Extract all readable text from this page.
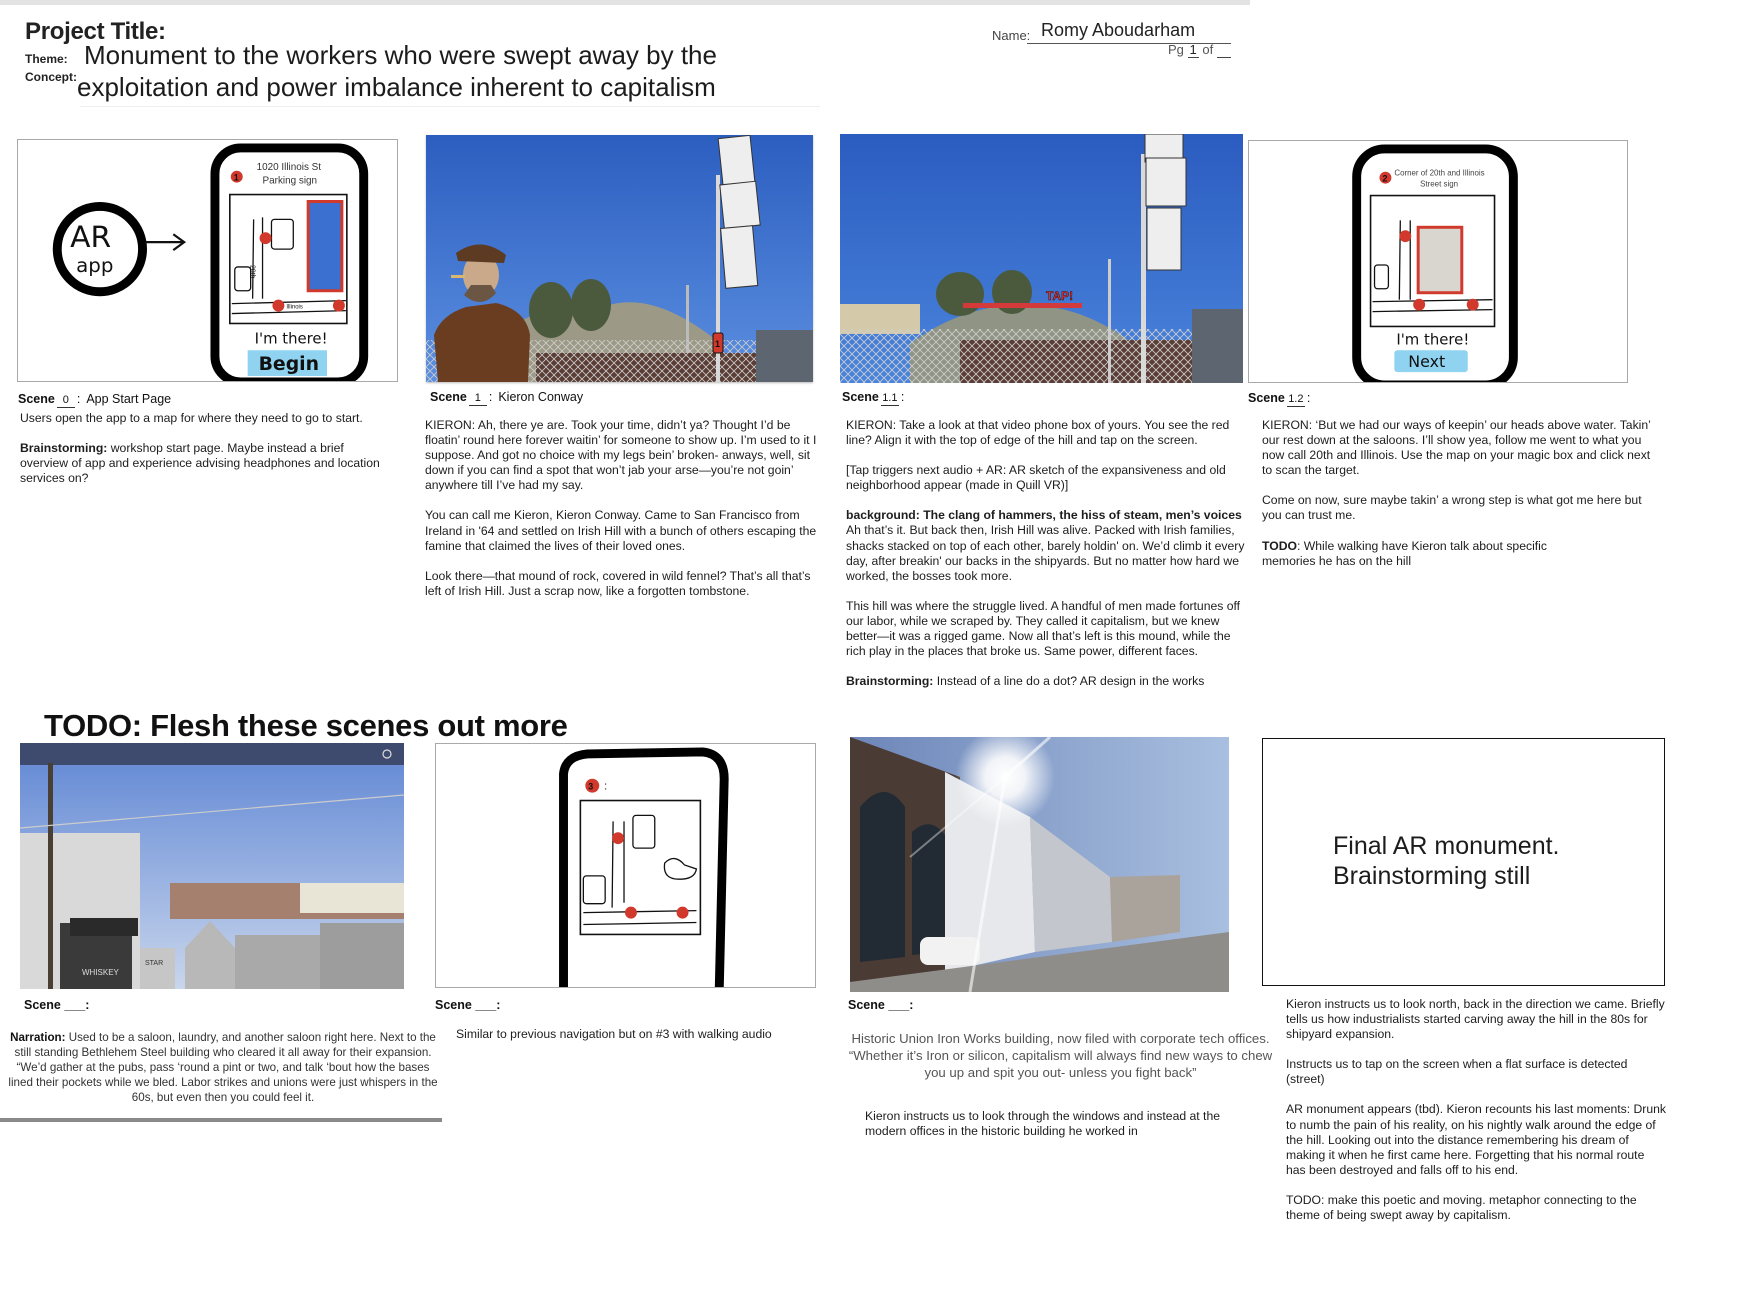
Project Title:
Theme:
Concept:
Monument to the workers who were swept away by the
exploitation and power imbalance inherent to capitalism
Name: Romy Aboudarham
Pg 1 of
AR
app
1020 Illinois St
Parking sign
1
20th
Illinois
I'm there!
Begin
Scene 0 : App Start Page

Users open the app to a map for where they need to go to start.

Brainstorming: workshop start page. Maybe instead a brief overview of app and experience advising headphones and location services on?

1
Scene 1 : Kieron Conway

KIERON: Ah, there ye are. Took your time, didn’t ya? Thought I’d be floatin’ round here forever waitin’ for someone to show up. I’m used to it I suppose. And got no choice with my legs bein’ broken- anways, well, sit down if you can find a spot that won’t jab your arse—you’re not goin’ anywhere till I’ve had my say.

You can call me Kieron, Kieron Conway. Came to San Francisco from Ireland in '64 and settled on Irish Hill with a bunch of others escaping the famine that claimed the lives of their loved ones.

Look there—that mound of rock, covered in wild fennel? That’s all that’s left of Irish Hill. Just a scrap now, like a forgotten tombstone.

TAP!
Scene 1.1 :

KIERON: Take a look at that video phone box of yours. You see the red line? Align it with the top of edge of the hill and tap on the screen.

[Tap triggers next audio + AR: AR sketch of the expansiveness and old neighborhood appear (made in Quill VR)]

background: The clang of hammers, the hiss of steam, men’s voices
Ah that’s it. But back then, Irish Hill was alive. Packed with Irish families, shacks stacked on top of each other, barely holdin' on. We’d climb it every day, after breakin' our backs in the shipyards. But no matter how hard we worked, the bosses took more.

This hill was where the struggle lived. A handful of men made fortunes off our labor, while we scraped by. They called it capitalism, but we knew better—it was a rigged game. Now all that’s left is this mound, while the rich play in the places that broke us. Same power, different faces.

Brainstorming: Instead of a line do a dot? AR design in the works

2
Corner of 20th and Illinois
Street sign
I'm there!
Next
Scene 1.2 :

KIERON: ‘But we had our ways of keepin’ our heads above water. Takin’ our rest down at the saloons. I’ll show yea, follow me went to what you now call 20th and Illinois. Use the map on your magic box and click next to scan the target.

Come on now, sure maybe takin’ a wrong step is what got me here but you can trust me.

TODO: While walking have Kieron talk about specific memories he has on the hill

TODO: Flesh these scenes out more
WHISKEY
STAR
Scene ___:
Narration: Used to be a saloon, laundry, and another saloon right here. Next to the still standing Bethlehem Steel building who cleared it all away for their expansion.
“We’d gather at the pubs, pass ‘round a pint or two, and talk ‘bout how the bases lined their pockets while we bled. Labor strikes and unions were just whispers in the 60s, but even then you could feel it.
3 :
Scene ___:
Similar to previous navigation but on #3 with walking audio
Scene ___:
Historic Union Iron Works building, now filed with corporate tech offices.
“Whether it’s Iron or silicon, capitalism will always find new ways to chew you up and spit you out- unless you fight back”
Kieron instructs us to look through the windows and instead at the modern offices in the historic building he worked in
Final AR monument.
Brainstorming still

Kieron instructs us to look north, back in the direction we came. Briefly tells us how industrialists started carving away the hill in the 80s for shipyard expansion.

Instructs us to tap on the screen when a flat surface is detected (street)

AR monument appears (tbd). Kieron recounts his last moments: Drunk to numb the pain of his reality, on his nightly walk around the edge of the hill. Looking out into the distance remembering his dream of making it when he first came here. Forgetting that his normal route has been destroyed and falls off to his end.

TODO: make this poetic and moving. metaphor connecting to the theme of being swept away by capitalism.
